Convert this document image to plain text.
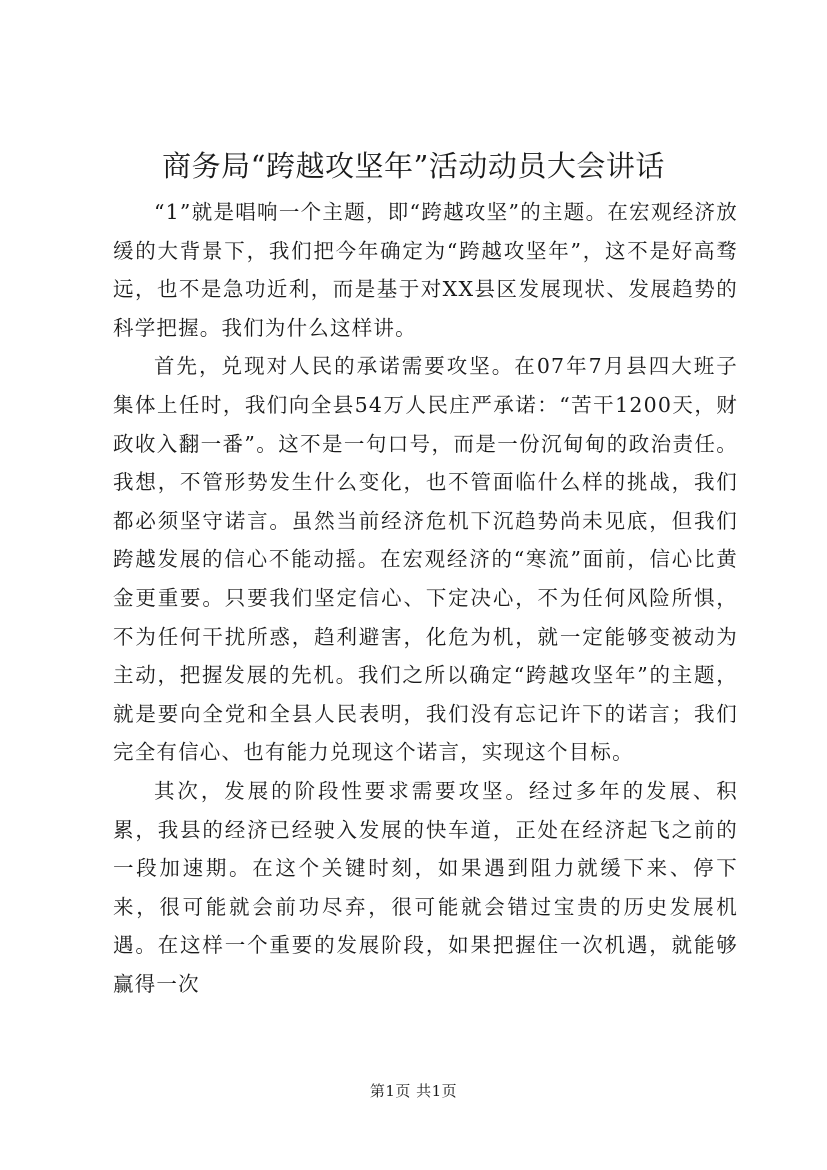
商务局“跨越攻坚年”活动动员大会讲话

“1”就是唱响一个主题，即“跨越攻坚”的主题。在宏观经济放缓的大背景下，我们把今年确定为“跨越攻坚年”，这不是好高骛远，也不是急功近利，而是基于对XX县区发展现状、发展趋势的科学把握。我们为什么这样讲。

首先，兑现对人民的承诺需要攻坚。在07年7月县四大班子集体上任时，我们向全县54万人民庄严承诺：“苦干1200天，财政收入翻一番”。这不是一句口号，而是一份沉甸甸的政治责任。我想，不管形势发生什么变化，也不管面临什么样的挑战，我们都必须坚守诺言。虽然当前经济危机下沉趋势尚未见底，但我们跨越发展的信心不能动摇。在宏观经济的“寒流”面前，信心比黄金更重要。只要我们坚定信心、下定决心，不为任何风险所惧，不为任何干扰所惑，趋利避害，化危为机，就一定能够变被动为主动，把握发展的先机。我们之所以确定“跨越攻坚年”的主题，就是要向全党和全县人民表明，我们没有忘记许下的诺言；我们完全有信心、也有能力兑现这个诺言，实现这个目标。

其次，发展的阶段性要求需要攻坚。经过多年的发展、积累，我县的经济已经驶入发展的快车道，正处在经济起飞之前的一段加速期。在这个关键时刻，如果遇到阻力就缓下来、停下来，很可能就会前功尽弃，很可能就会错过宝贵的历史发展机遇。在这样一个重要的发展阶段，如果把握住一次机遇，就能够赢得一次

第1页 共1页
